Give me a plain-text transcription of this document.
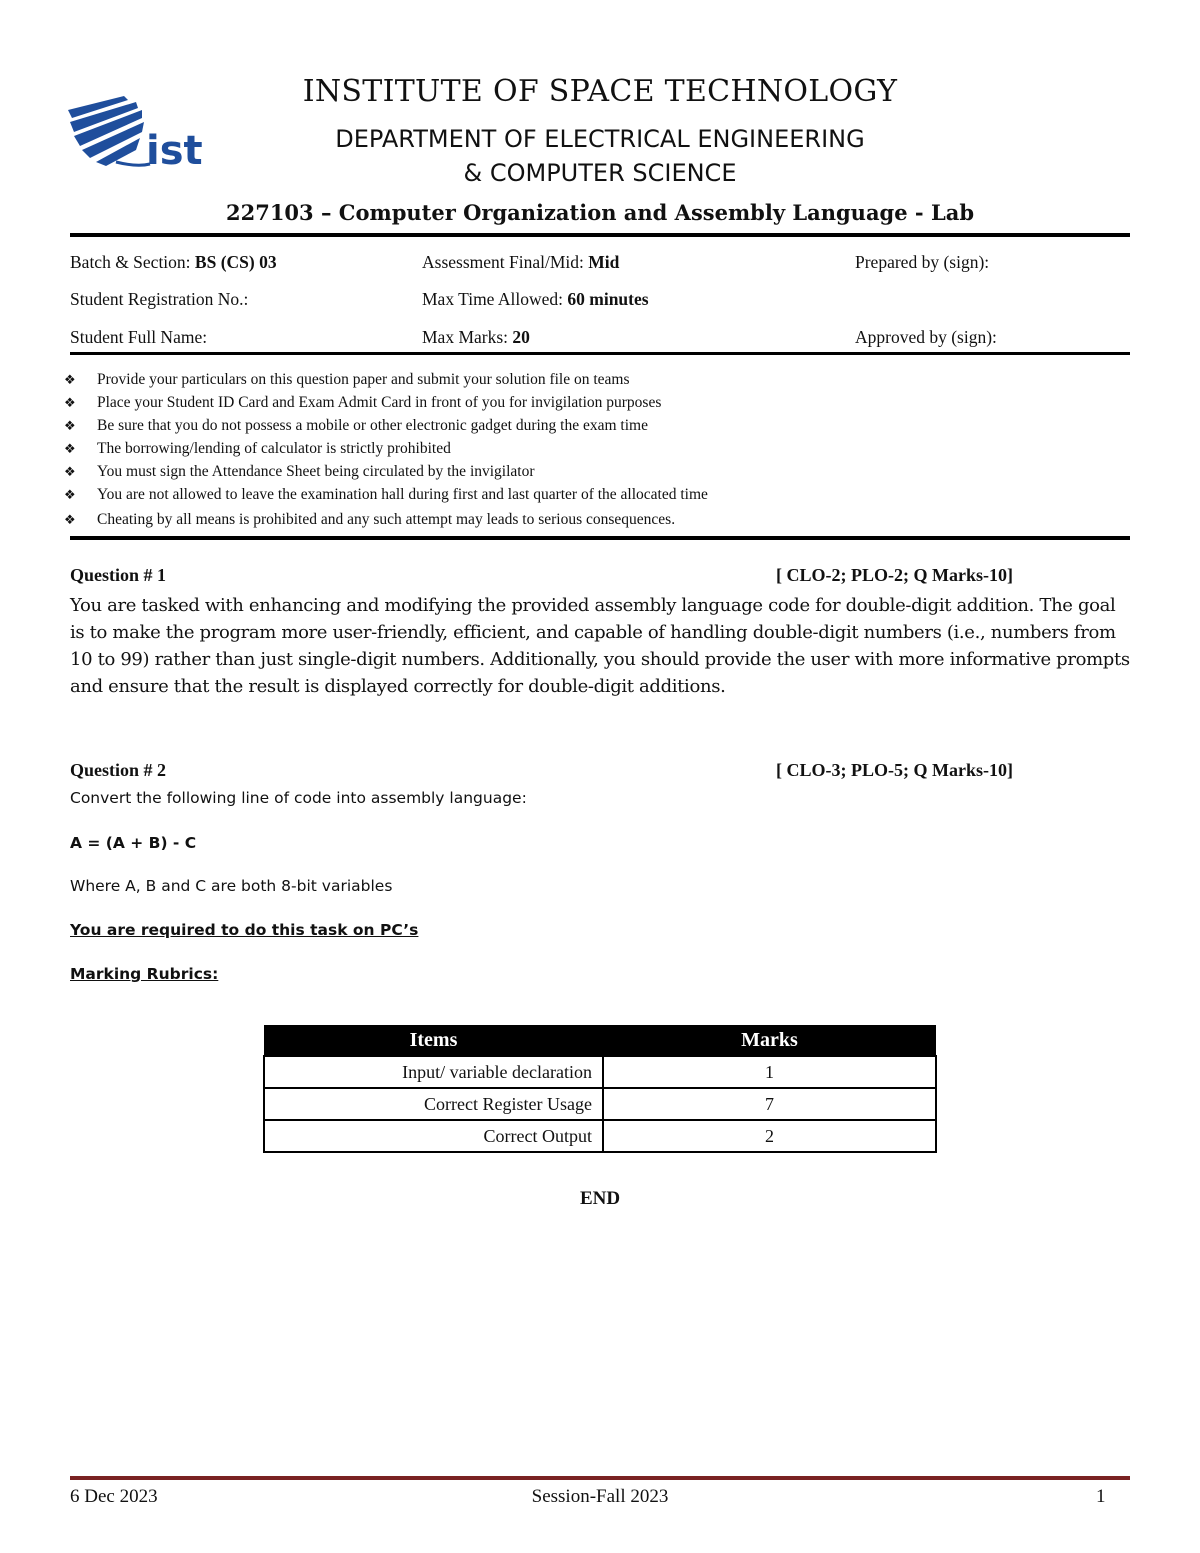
ist
INSTITUTE OF SPACE TECHNOLOGY
DEPARTMENT OF ELECTRICAL ENGINEERING
& COMPUTER SCIENCE
227103 – Computer Organization and Assembly Language - Lab
Batch & Section: BS (CS) 03	Assessment Final/Mid: Mid	Prepared by (sign):
Student Registration No.:	Max Time Allowed: 60 minutes
Student Full Name:	Max Marks: 20	Approved by (sign):
❖ Provide your particulars on this question paper and submit your solution file on teams
❖ Place your Student ID Card and Exam Admit Card in front of you for invigilation purposes
❖ Be sure that you do not possess a mobile or other electronic gadget during the exam time
❖ The borrowing/lending of calculator is strictly prohibited
❖ You must sign the Attendance Sheet being circulated by the invigilator
❖ You are not allowed to leave the examination hall during first and last quarter of the allocated time
❖ Cheating by all means is prohibited and any such attempt may leads to serious consequences.
Question # 1	[ CLO-2; PLO-2; Q Marks-10]
You are tasked with enhancing and modifying the provided assembly language code for double-digit addition. The goal is to make the program more user-friendly, efficient, and capable of handling double-digit numbers (i.e., numbers from 10 to 99) rather than just single-digit numbers. Additionally, you should provide the user with more informative prompts and ensure that the result is displayed correctly for double-digit additions.
Question # 2	[ CLO-3; PLO-5; Q Marks-10]
Convert the following line of code into assembly language:
A = (A + B) - C
Where A, B and C are both 8-bit variables
You are required to do this task on PC’s
Marking Rubrics:
Items	Marks
Input/ variable declaration	1
Correct Register Usage	7
Correct Output	2
END
6 Dec 2023	Session-Fall 2023	1
